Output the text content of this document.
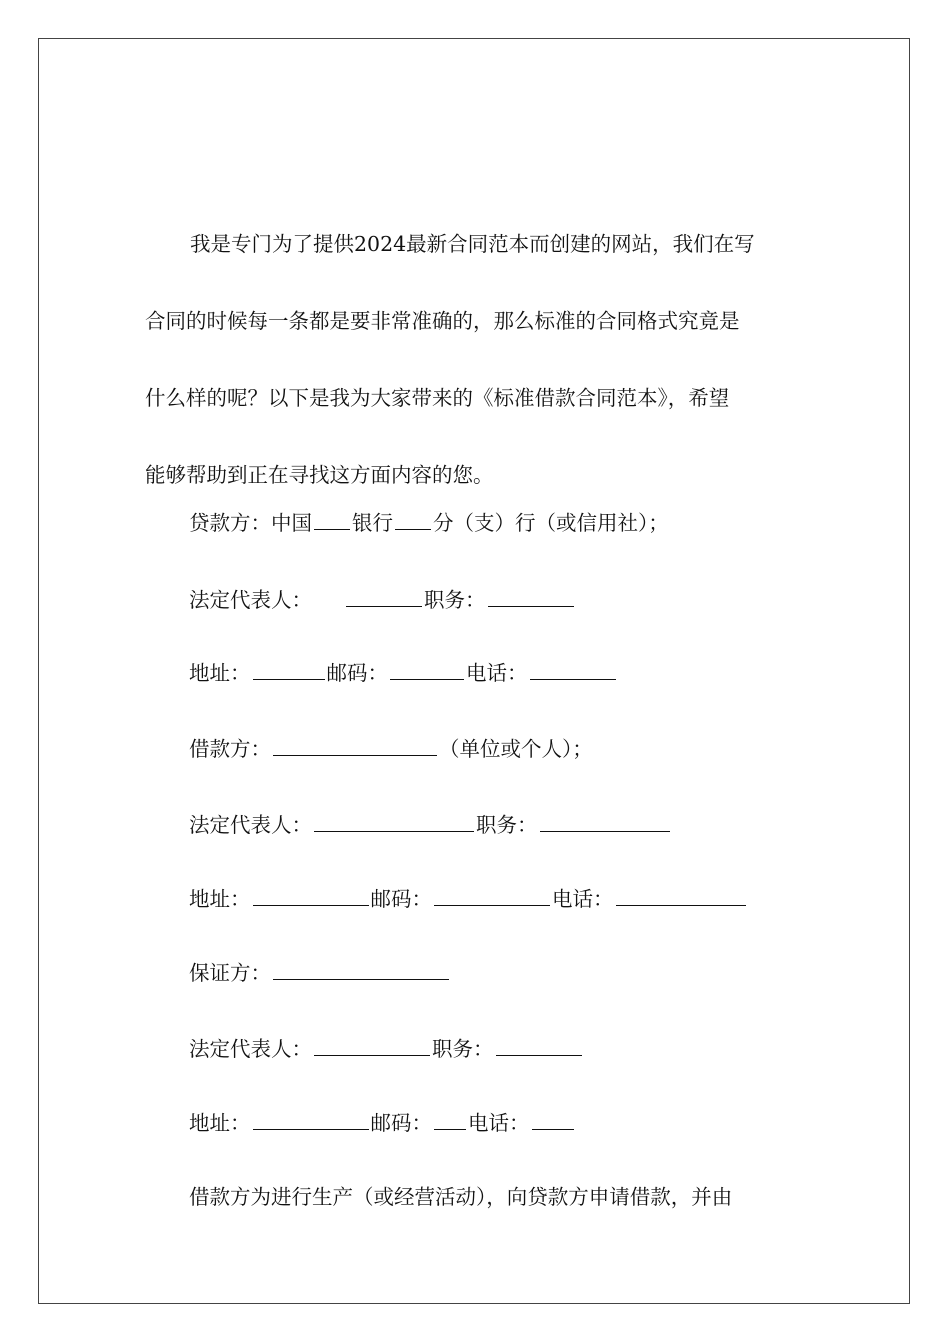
我是专门为了提供2024最新合同范本而创建的网站，我们在写
合同的时候每一条都是要非常准确的，那么标准的合同格式究竟是
什么样的呢？以下是我为大家带来的《标准借款合同范本》，希望
能够帮助到正在寻找这方面内容的您。

贷款方：中国 银行 分（支）行（或信用社）；

法定代表人：	职务：

地址：	邮码：	电话：

借款方：	（单位或个人）；

法定代表人：	职务：

地址：	邮码：	电话：

保证方：

法定代表人：	职务：

地址：	邮码： 电话：

借款方为进行生产（或经营活动），向贷款方申请借款，并由
